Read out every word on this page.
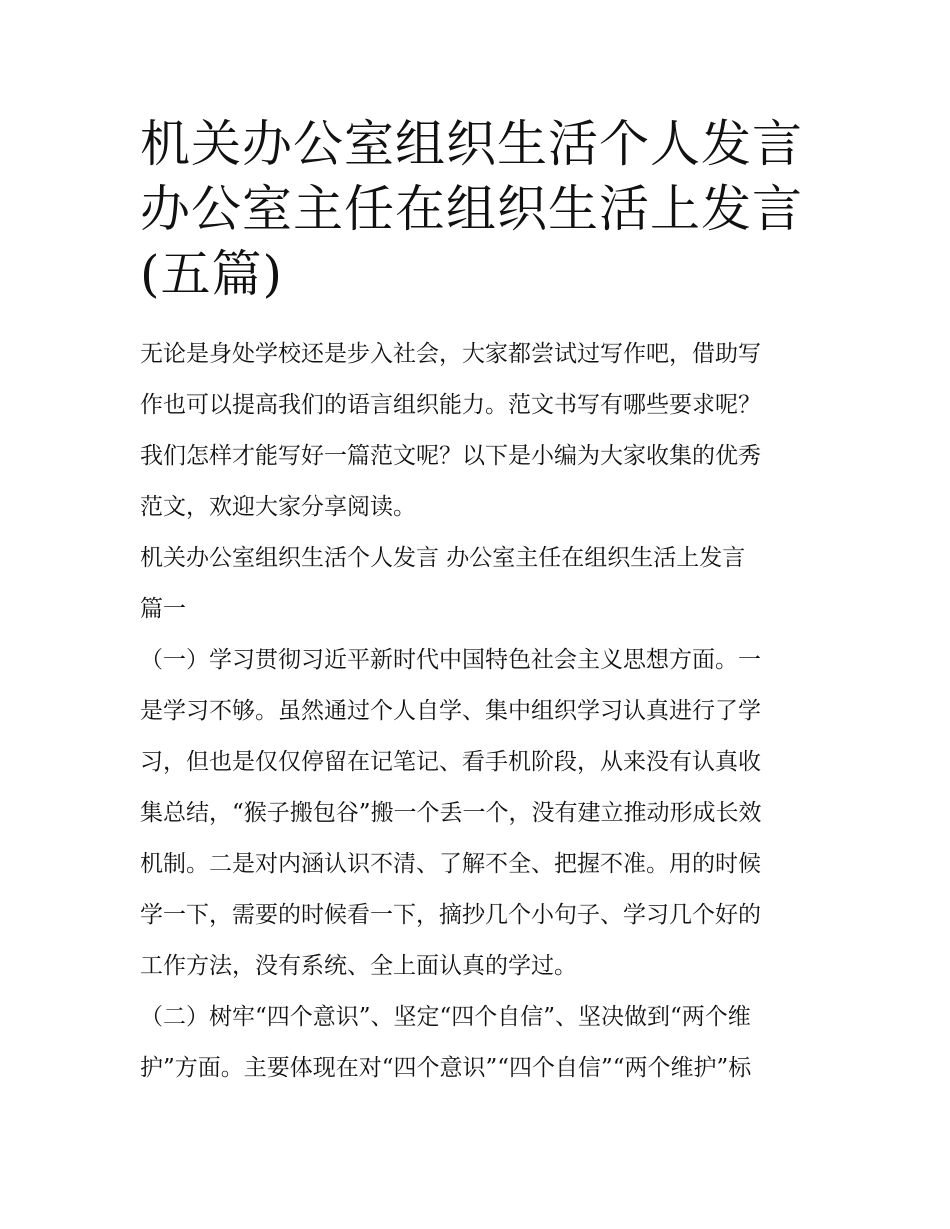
机关办公室组织生活个人发言
办公室主任在组织生活上发言
(五篇)

无论是身处学校还是步入社会，大家都尝试过写作吧，借助写
作也可以提高我们的语言组织能力。范文书写有哪些要求呢？
我们怎样才能写好一篇范文呢？以下是小编为大家收集的优秀
范文，欢迎大家分享阅读。

机关办公室组织生活个人发言 办公室主任在组织生活上发言
篇一

（一）学习贯彻习近平新时代中国特色社会主义思想方面。一
是学习不够。虽然通过个人自学、集中组织学习认真进行了学
习，但也是仅仅停留在记笔记、看手机阶段，从来没有认真收
集总结，“猴子搬包谷”搬一个丢一个，没有建立推动形成长效
机制。二是对内涵认识不清、了解不全、把握不准。用的时候
学一下，需要的时候看一下，摘抄几个小句子、学习几个好的
工作方法，没有系统、全上面认真的学过。

（二）树牢“四个意识”、坚定“四个自信”、坚决做到“两个维
护”方面。主要体现在对“四个意识”“四个自信”“两个维护”标
